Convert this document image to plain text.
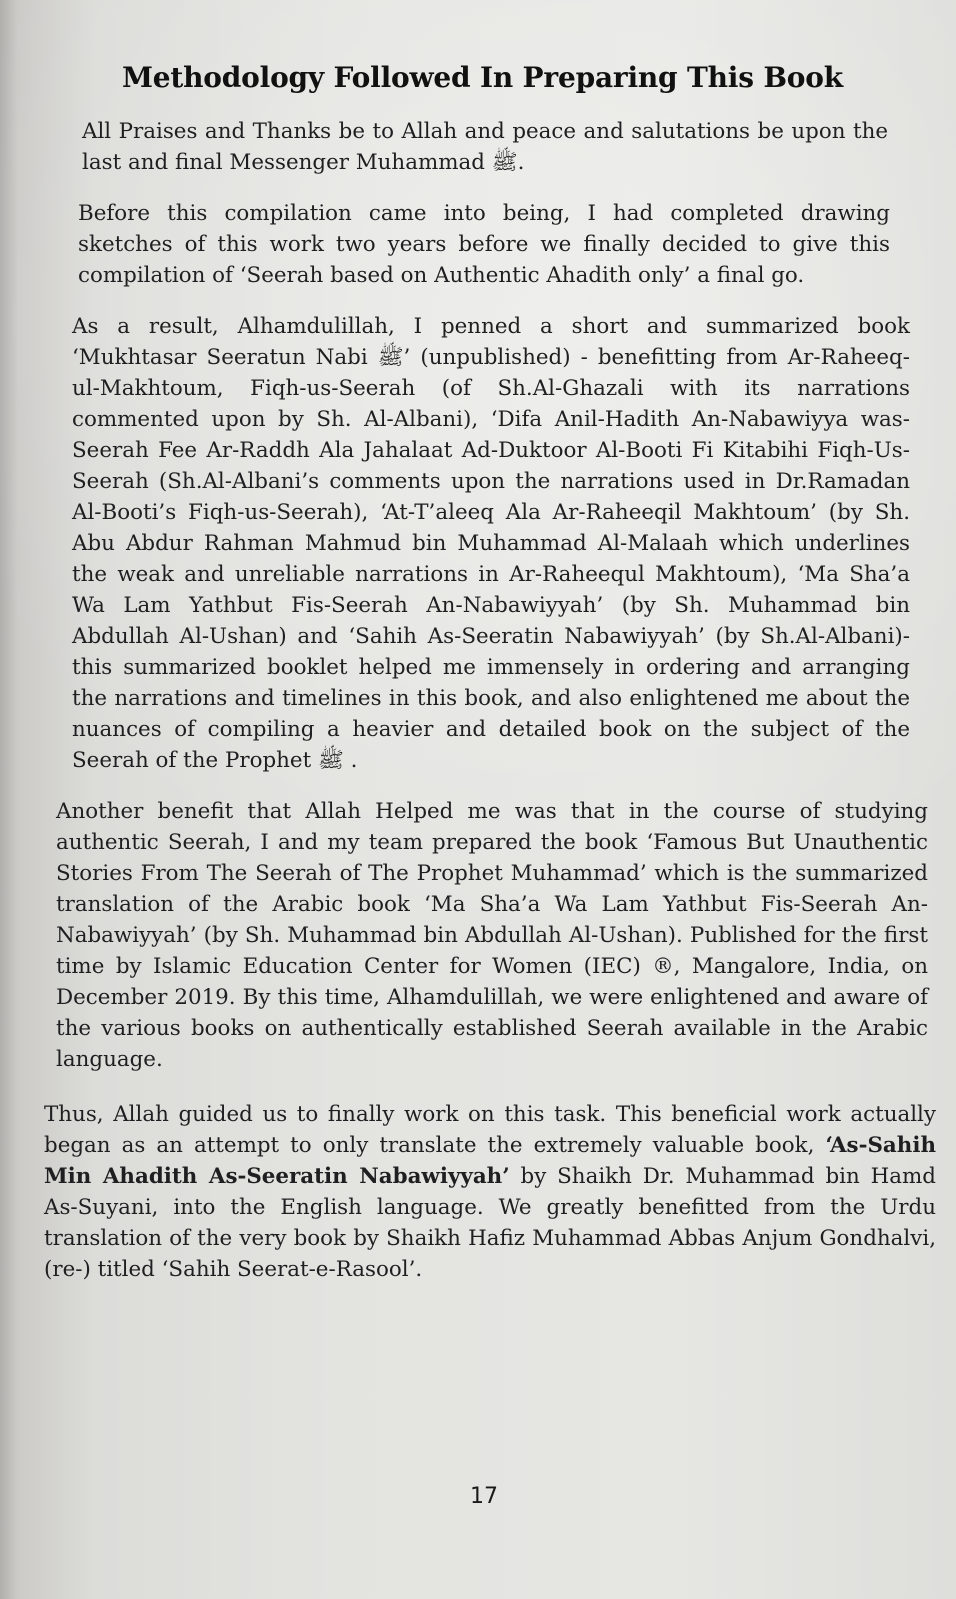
Methodology Followed In Preparing This Book

All Praises and Thanks be to Allah and peace and salutations be upon the last and final Messenger Muhammad ﷺ.

Before this compilation came into being, I had completed drawing sketches of this work two years before we finally decided to give this compilation of ‘Seerah based on Authentic Ahadith only’ a final go.

As a result, Alhamdulillah, I penned a short and summarized book ‘Mukhtasar Seeratun Nabi ﷺ’ (unpublished) - benefitting from Ar-Raheeq-ul-Makhtoum, Fiqh-us-Seerah (of Sh.Al-Ghazali with its narrations commented upon by Sh. Al-Albani), ‘Difa Anil-Hadith An-Nabawiyya was-Seerah Fee Ar-Raddh Ala Jahalaat Ad-Duktoor Al-Booti Fi Kitabihi Fiqh-Us-Seerah (Sh.Al-Albani’s comments upon the narrations used in Dr.Ramadan Al-Booti’s Fiqh-us-Seerah), ‘At-T’aleeq Ala Ar-Raheeqil Makhtoum’ (by Sh. Abu Abdur Rahman Mahmud bin Muhammad Al-Malaah which underlines the weak and unreliable narrations in Ar-Raheequl Makhtoum), ‘Ma Sha’a Wa Lam Yathbut Fis-Seerah An-Nabawiyyah’ (by Sh. Muhammad bin Abdullah Al-Ushan) and ‘Sahih As-Seeratin Nabawiyyah’ (by Sh.Al-Albani)- this summarized booklet helped me immensely in ordering and arranging the narrations and timelines in this book, and also enlightened me about the nuances of compiling a heavier and detailed book on the subject of the Seerah of the Prophet ﷺ .

Another benefit that Allah Helped me was that in the course of studying authentic Seerah, I and my team prepared the book ‘Famous But Unauthentic Stories From The Seerah of The Prophet Muhammad’ which is the summarized translation of the Arabic book ‘Ma Sha’a Wa Lam Yathbut Fis-Seerah An-Nabawiyyah’ (by Sh. Muhammad bin Abdullah Al-Ushan). Published for the first time by Islamic Education Center for Women (IEC) ®, Mangalore, India, on December 2019. By this time, Alhamdulillah, we were enlightened and aware of the various books on authentically established Seerah available in the Arabic language.

Thus, Allah guided us to finally work on this task. This beneficial work actually began as an attempt to only translate the extremely valuable book, ‘As-Sahih Min Ahadith As-Seeratin Nabawiyyah’ by Shaikh Dr. Muhammad bin Hamd As-Suyani, into the English language. We greatly benefitted from the Urdu translation of the very book by Shaikh Hafiz Muhammad Abbas Anjum Gondhalvi, (re-) titled ‘Sahih Seerat-e-Rasool’.

17
